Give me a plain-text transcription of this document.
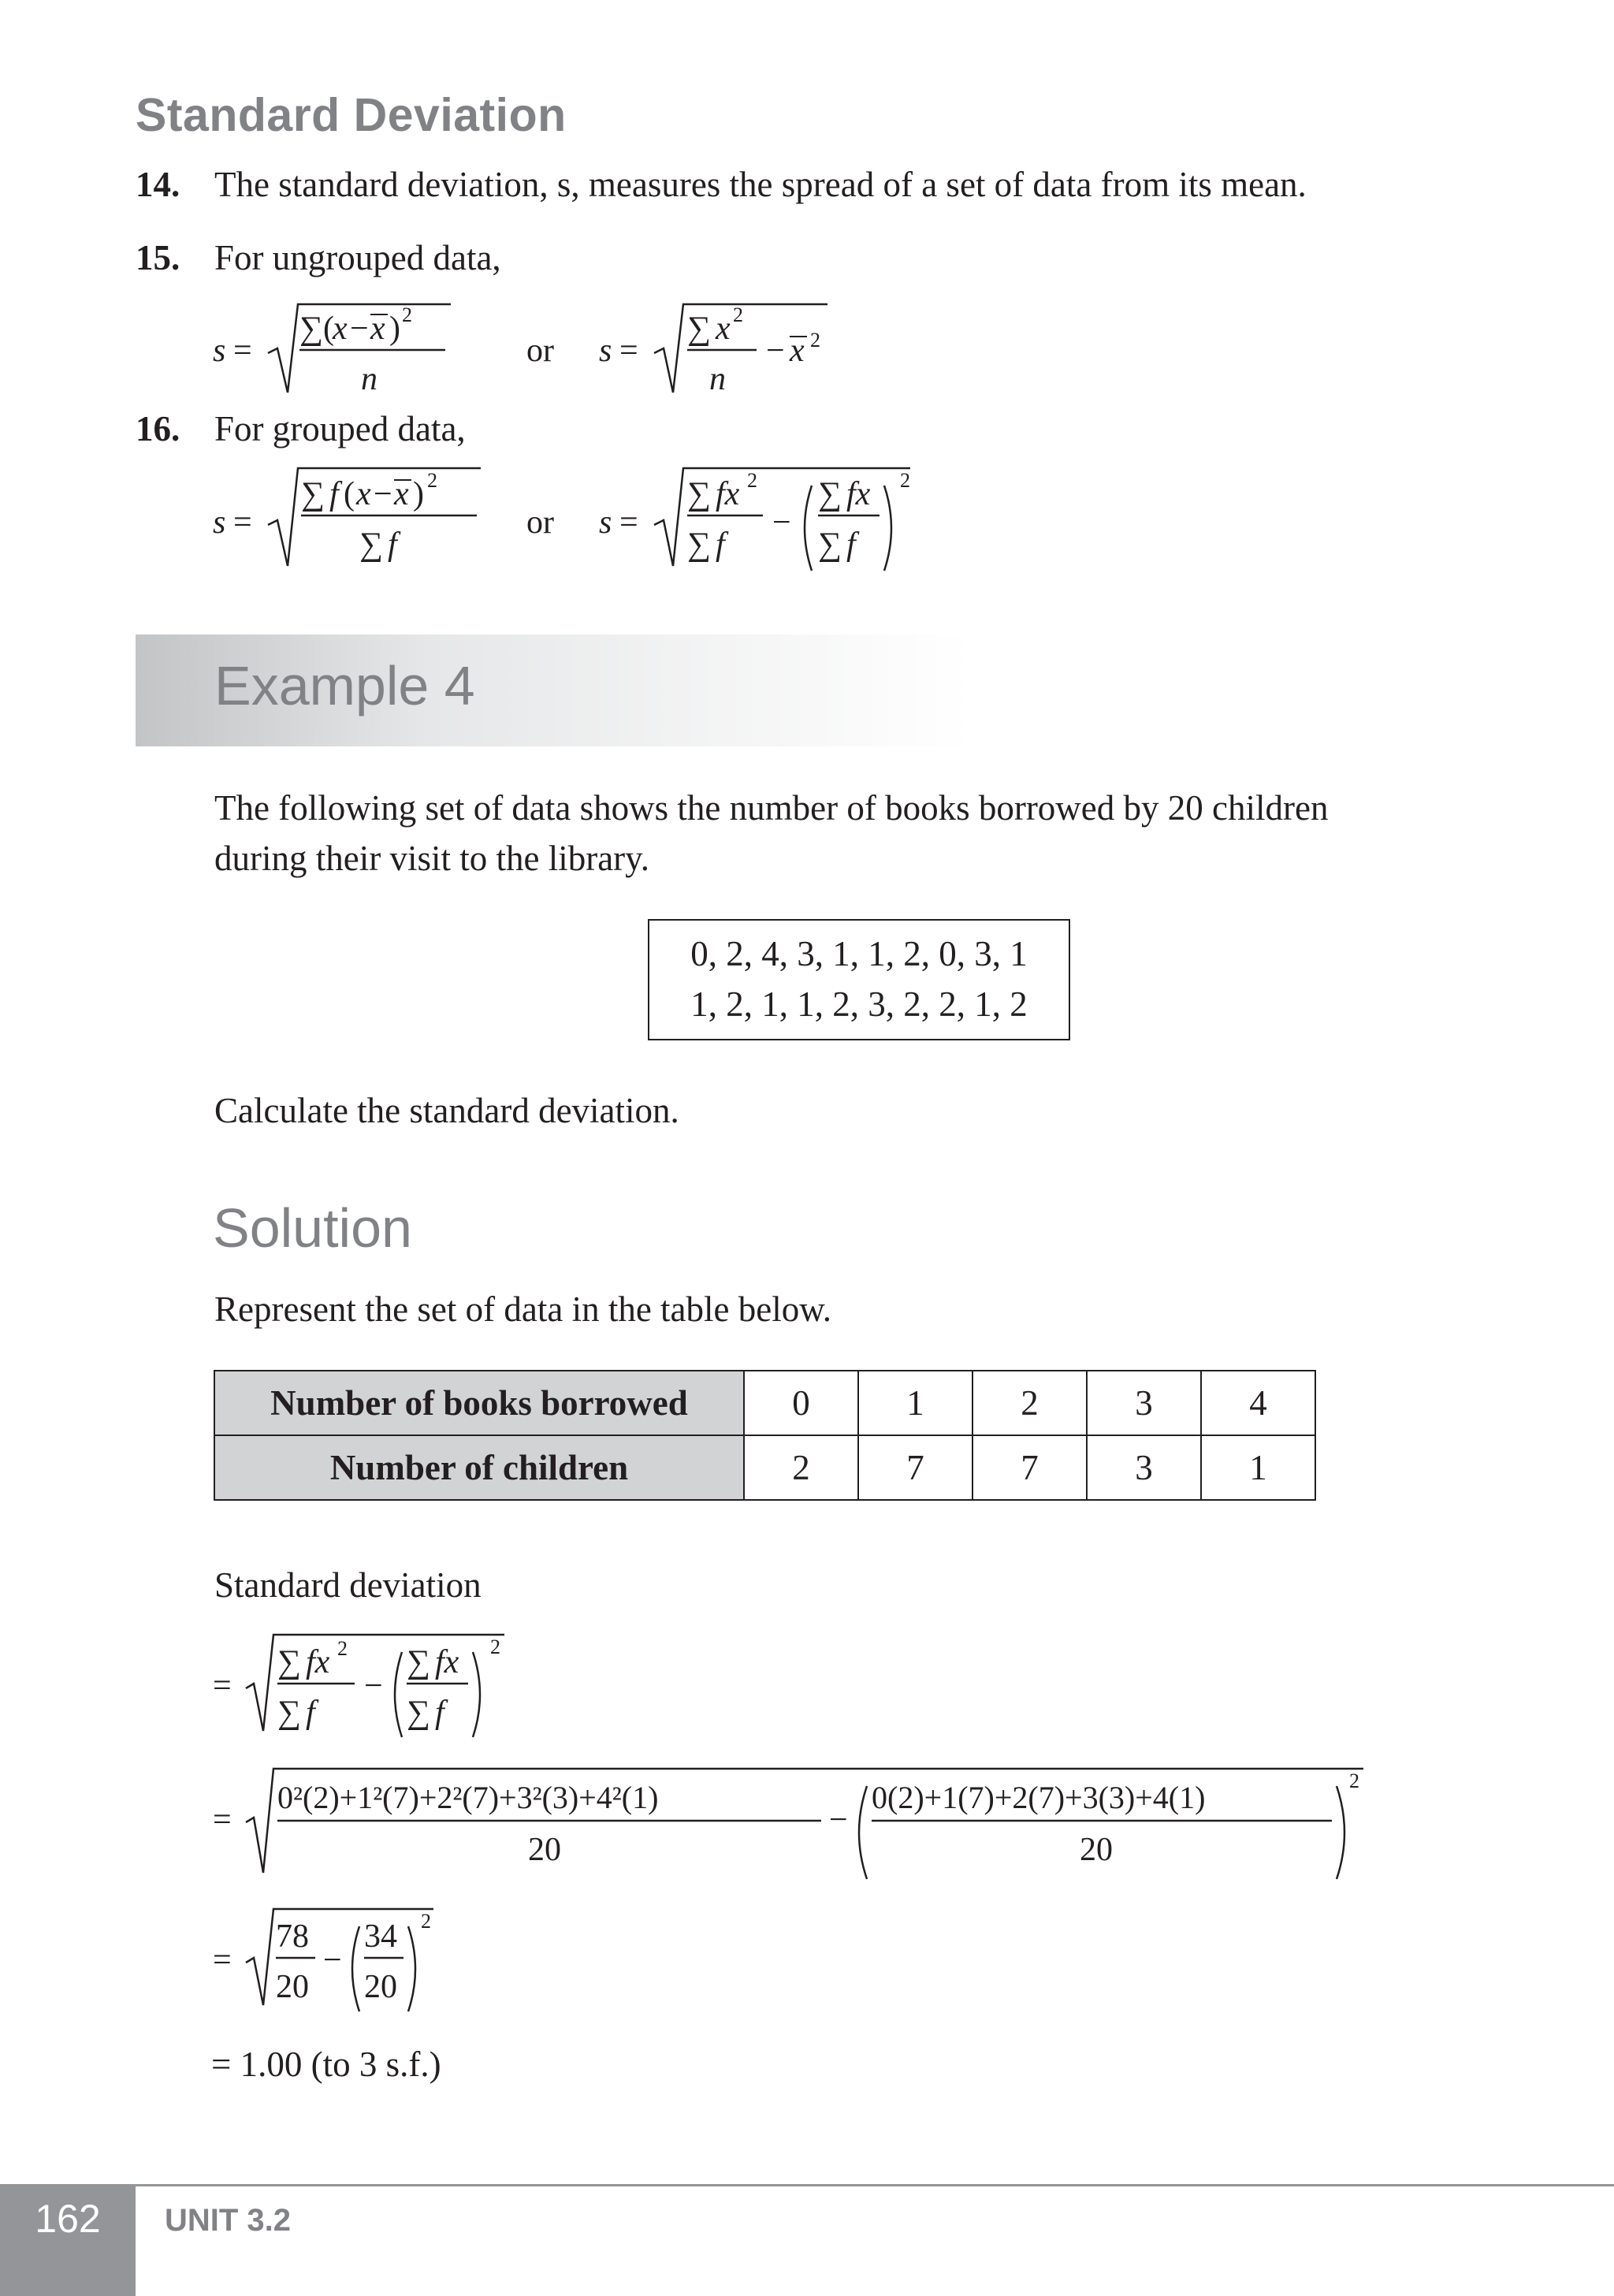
Standard Deviation
14. The standard deviation, s, measures the spread of a set of data from its mean.
15. For ungrouped data,
s =
∑(
x − x ) 2
n
or s =
∑ x 2
n
− x 2
16. For grouped data,
s =
∑ f ( x − x ) 2
∑ f
or s =
∑ fx 2
∑ f
−
∑ fx
∑ f
2
Example 4
The following set of data shows the number of books borrowed by 20 children
during their visit to the library.
0, 2, 4, 3, 1, 1, 2, 0, 3, 1
1, 2, 1, 1, 2, 3, 2, 2, 1, 2
Calculate the standard deviation.
Solution
Represent the set of data in the table below.
Number of books borrowed	0	1	2	3	4
Number of children	2	7	7	3	1
Standard deviation
=
∑ fx 2
∑ f
−
∑ fx
∑ f
2
=
0²(2)+1²(7)+2²(7)+3²(3)+4²(1)
20
−
0(2)+1(7)+2(7)+3(3)+4(1)
20
2
=
78
20
−
34
20
2
= 1.00 (to 3 s.f.)
162	UNIT 3.2
